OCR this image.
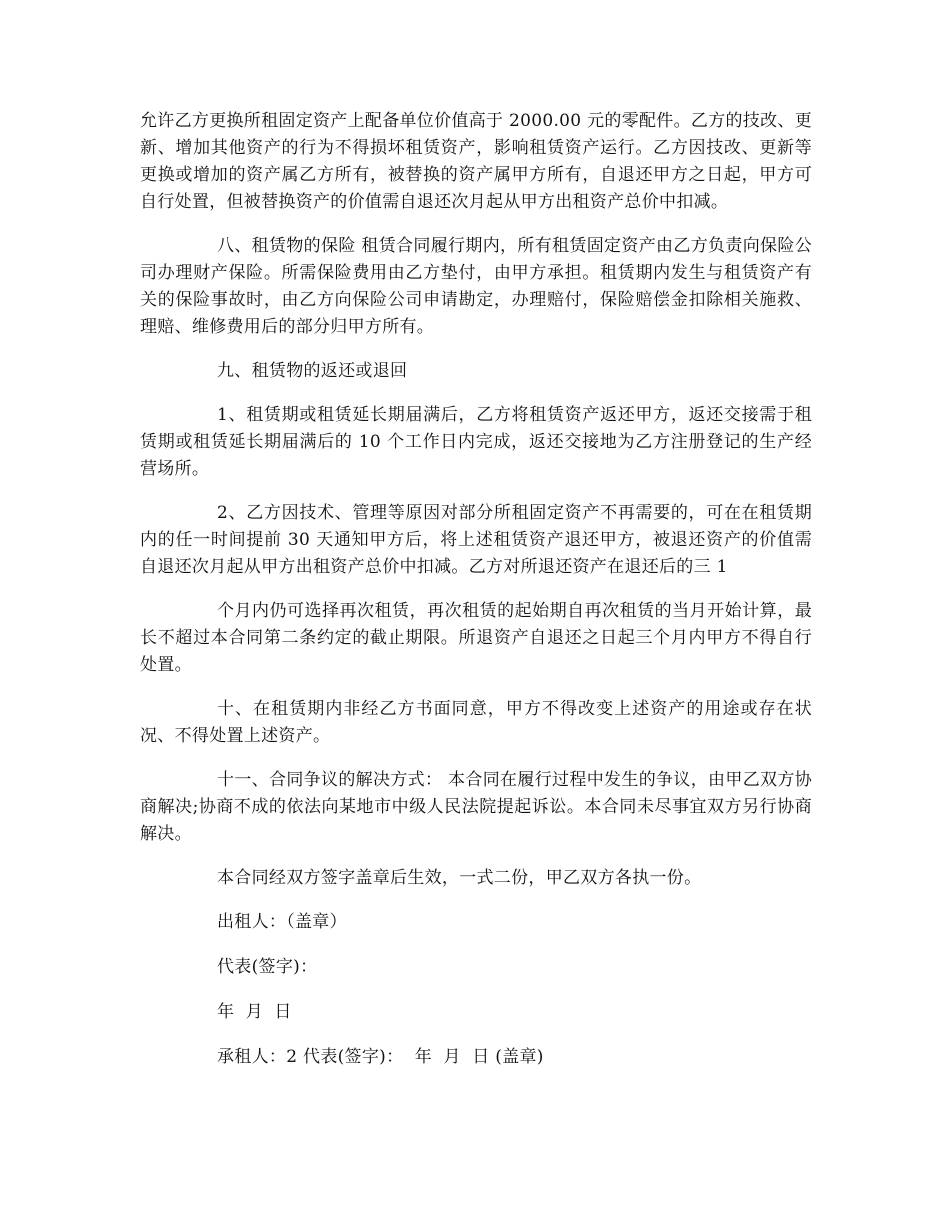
允许乙方更换所租固定资产上配备单位价值高于 2000.00 元的零配件。乙方的技改、更新、增加其他资产的行为不得损坏租赁资产，影响租赁资产运行。乙方因技改、更新等更换或增加的资产属乙方所有，被替换的资产属甲方所有，自退还甲方之日起，甲方可自行处置，但被替换资产的价值需自退还次月起从甲方出租资产总价中扣减。

八、租赁物的保险 租赁合同履行期内，所有租赁固定资产由乙方负责向保险公司办理财产保险。所需保险费用由乙方垫付，由甲方承担。租赁期内发生与租赁资产有关的保险事故时，由乙方向保险公司申请勘定，办理赔付，保险赔偿金扣除相关施救、理赔、维修费用后的部分归甲方所有。

九、租赁物的返还或退回

1、租赁期或租赁延长期届满后，乙方将租赁资产返还甲方，返还交接需于租赁期或租赁延长期届满后的 10 个工作日内完成，返还交接地为乙方注册登记的生产经营场所。

2、乙方因技术、管理等原因对部分所租固定资产不再需要的，可在在租赁期内的任一时间提前 30 天通知甲方后，将上述租赁资产退还甲方，被退还资产的价值需自退还次月起从甲方出租资产总价中扣减。乙方对所退还资产在退还后的三 1

个月内仍可选择再次租赁，再次租赁的起始期自再次租赁的当月开始计算，最长不超过本合同第二条约定的截止期限。所退资产自退还之日起三个月内甲方不得自行处置。

十、在租赁期内非经乙方书面同意，甲方不得改变上述资产的用途或存在状况、不得处置上述资产。

十一、合同争议的解决方式： 本合同在履行过程中发生的争议，由甲乙双方协商解决;协商不成的依法向某地市中级人民法院提起诉讼。本合同未尽事宜双方另行协商解决。

本合同经双方签字盖章后生效，一式二份，甲乙双方各执一份。

出租人：（盖章）
代表(签字)：
年  月  日
承租人：2 代表(签字)：  年  月  日 (盖章)
